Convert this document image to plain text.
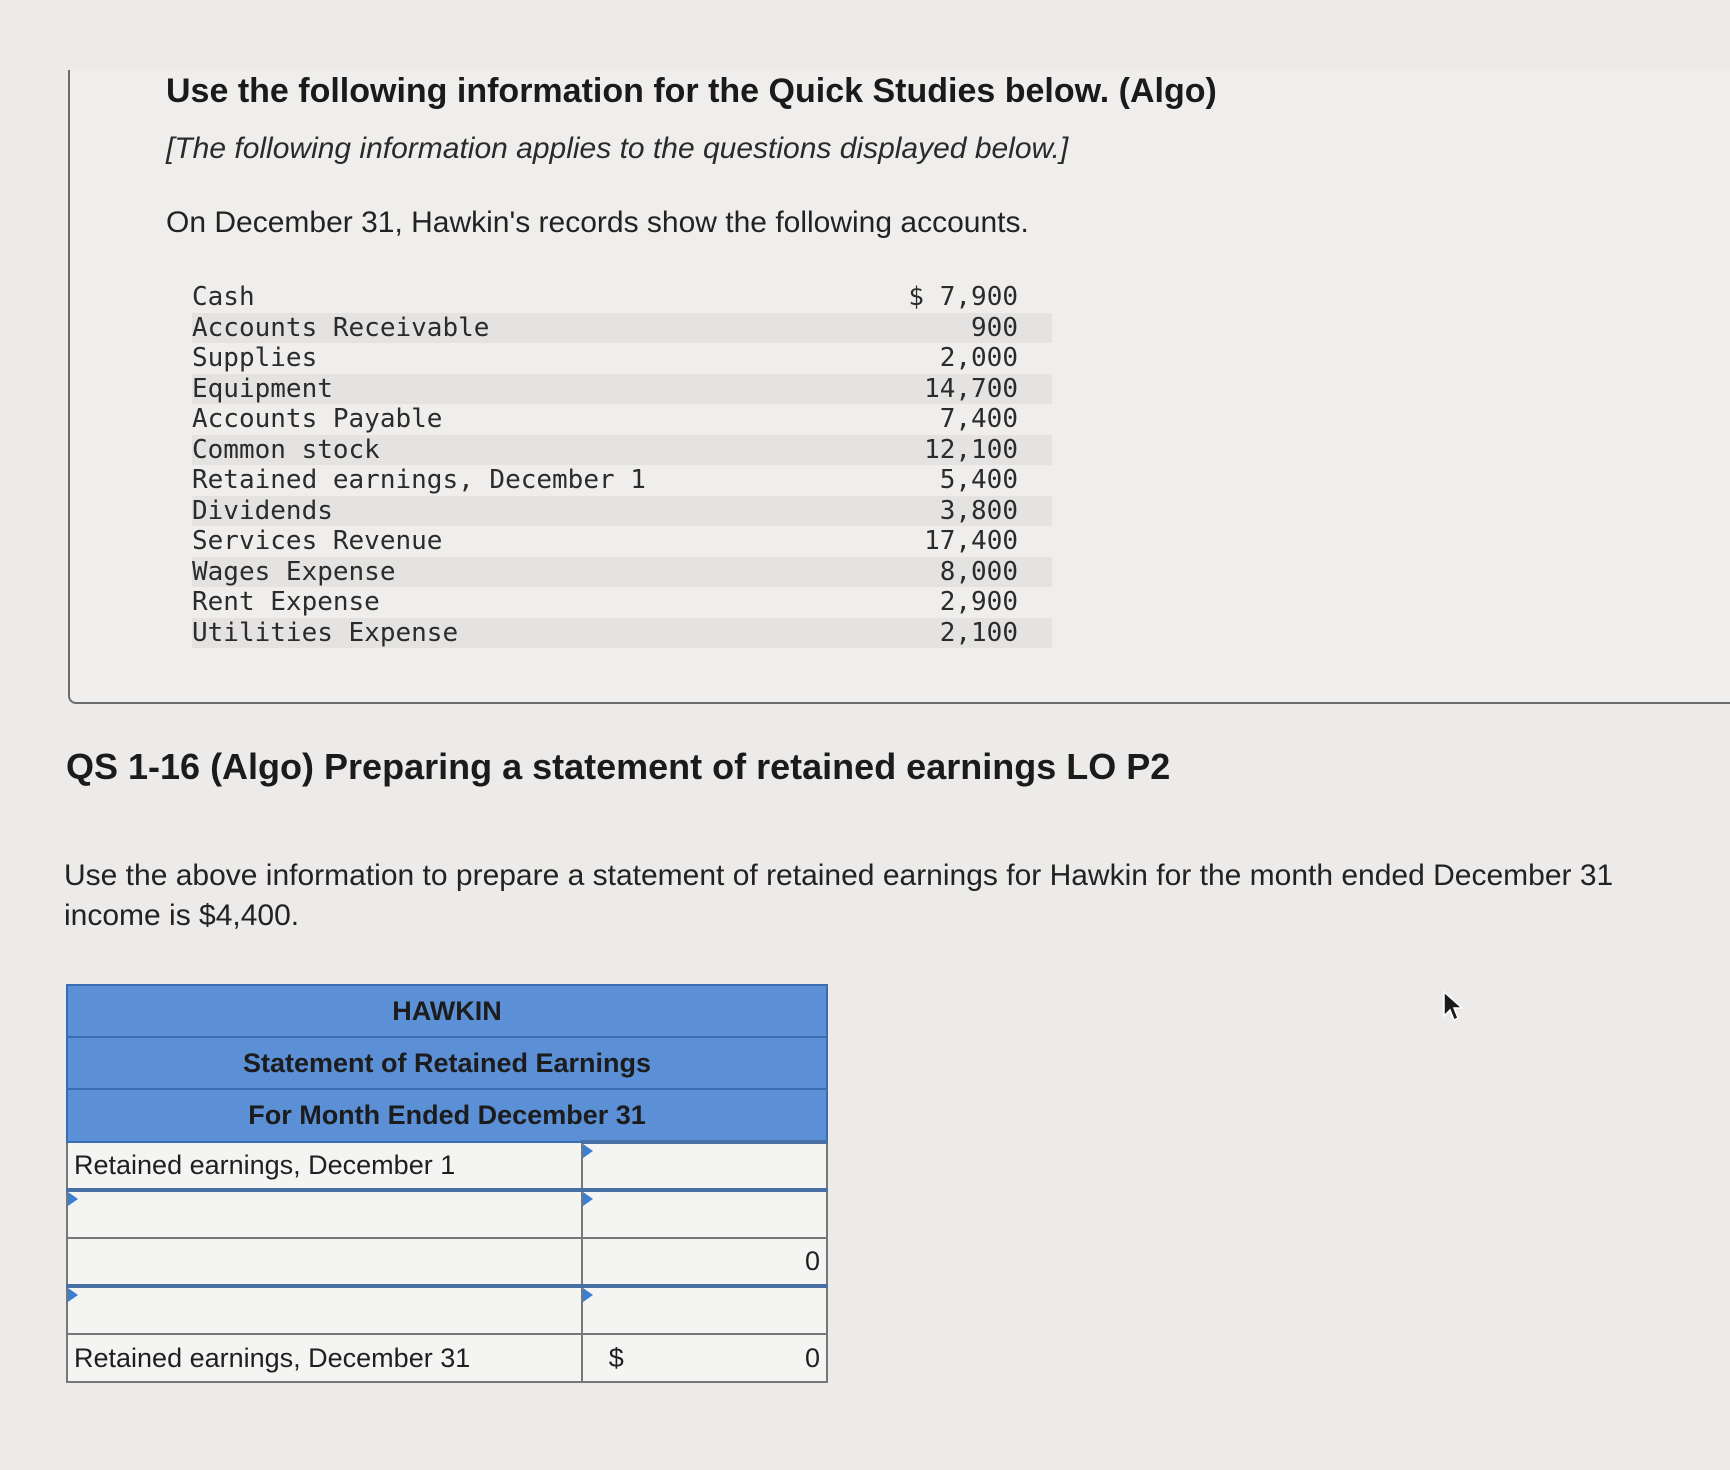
Use the following information for the Quick Studies below. (Algo)
[The following information applies to the questions displayed below.]
On December 31, Hawkin's records show the following accounts.
Cash	$ 7,900
Accounts Receivable	900
Supplies	2,000
Equipment	14,700
Accounts Payable	7,400
Common stock	12,100
Retained earnings, December 1	5,400
Dividends	3,800
Services Revenue	17,400
Wages Expense	8,000
Rent Expense	2,900
Utilities Expense	2,100
QS 1-16 (Algo) Preparing a statement of retained earnings LO P2
Use the above information to prepare a statement of retained earnings for Hawkin for the month ended December 31
income is $4,400.
HAWKIN	
Statement of Retained Earnings	
For Month Ended December 31	
Retained earnings, December 1	

	0

Retained earnings, December 31	$ 0
